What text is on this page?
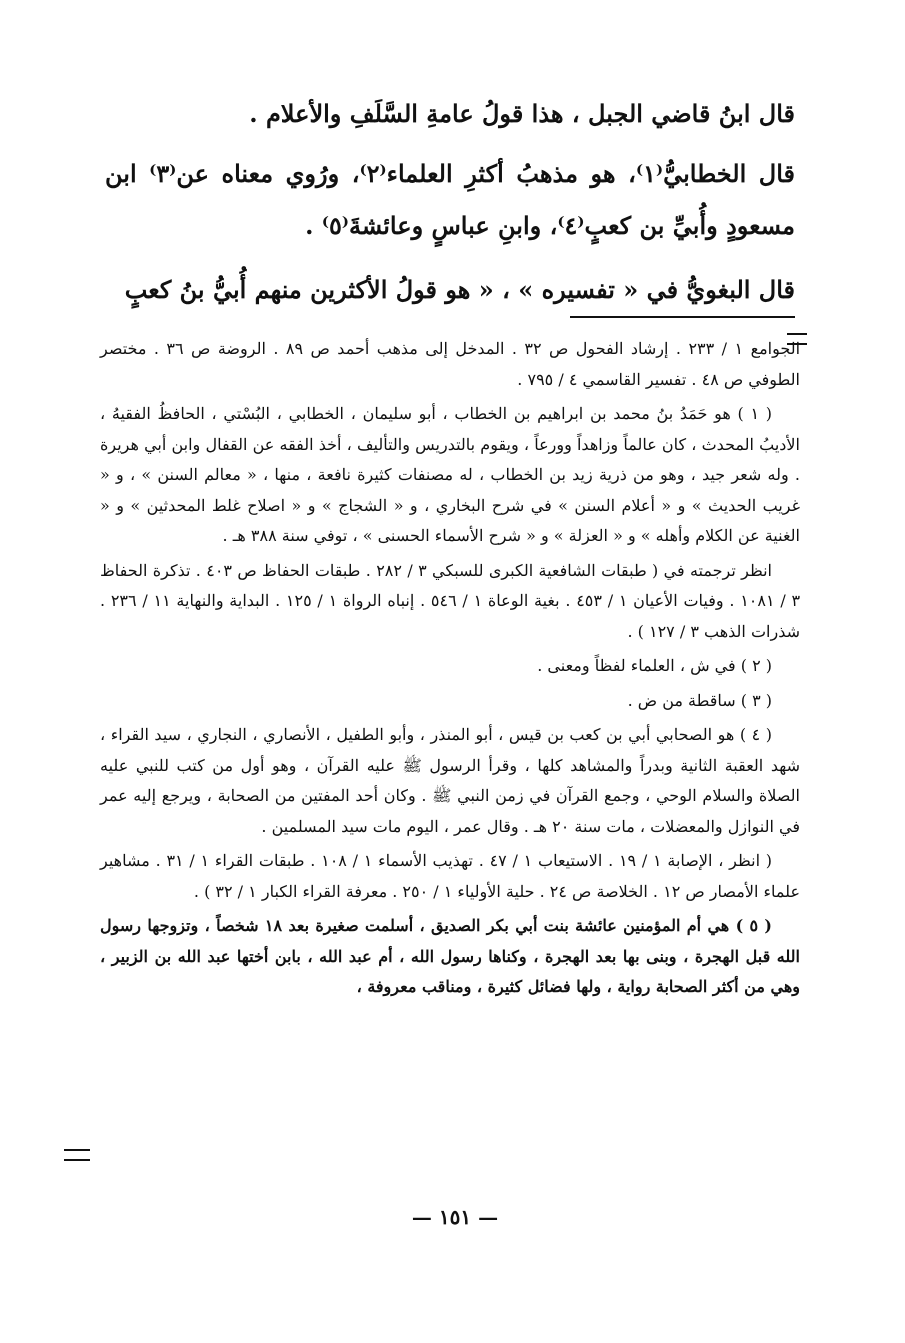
قال ابنُ قاضي الجبل ، هذا قولُ عامةِ السَّلَفِ والأعلام .

قال الخطابيُّ⁽١⁾، هو مذهبُ أكثرِ العلماء⁽٢⁾، ورُوي معناه عن⁽٣⁾ ابن مسعودٍ وأُبيِّ بن كعبٍ⁽٤⁾، وابنِ عباسٍ وعائشةَ⁽٥⁾ .

قال البغويُّ في « تفسيره » ، « هو قولُ الأكثرين منهم أُبيُّ بنُ كعبٍ

الجوامع ١ / ٢٣٣ . إرشاد الفحول ص ٣٢ . المدخل إلى مذهب أحمد ص ٨٩ . الروضة ص ٣٦ . مختصر الطوفي ص ٤٨ . تفسير القاسمي ٤ / ٧٩٥ .

( ١ ) هو حَمَدُ بنُ محمد بن ابراهيم بن الخطاب ، أبو سليمان ، الخطابي ، البُسْتي ، الحافظُ الفقيهُ ، الأديبُ المحدث ، كان عالماً وزاهداً وورعاً ، ويقوم بالتدريس والتأليف ، أخذ الفقه عن القفال وابن أبي هريرة . وله شعر جيد ، وهو من ذرية زيد بن الخطاب ، له مصنفات كثيرة نافعة ، منها ، « معالم السنن » ، و « غريب الحديث » و « أعلام السنن » في شرح البخاري ، و « الشجاج » و « اصلاح غلط المحدثين » و « الغنية عن الكلام وأهله » و « العزلة » و « شرح الأسماء الحسنى » ، توفي سنة ٣٨٨ هـ .

انظر ترجمته في ( طبقات الشافعية الكبرى للسبكي ٣ / ٢٨٢ . طبقات الحفاظ ص ٤٠٣ . تذكرة الحفاظ ٣ / ١٠٨١ . وفيات الأعيان ١ / ٤٥٣ . بغية الوعاة ١ / ٥٤٦ . إنباه الرواة ١ / ١٢٥ . البداية والنهاية ١١ / ٢٣٦ . شذرات الذهب ٣ / ١٢٧ ) .

( ٢ ) في ش ، العلماء لفظاً ومعنى .

( ٣ ) ساقطة من ض .

( ٤ ) هو الصحابي أبي بن كعب بن قيس ، أبو المنذر ، وأبو الطفيل ، الأنصاري ، النجاري ، سيد القراء ، شهد العقبة الثانية وبدراً والمشاهد كلها ، وقرأ الرسول ﷺ عليه القرآن ، وهو أول من كتب للنبي عليه الصلاة والسلام الوحي ، وجمع القرآن في زمن النبي ﷺ . وكان أحد المفتين من الصحابة ، ويرجع إليه عمر في النوازل والمعضلات ، مات سنة ٢٠ هـ . وقال عمر ، اليوم مات سيد المسلمين .

( انظر ، الإصابة ١ / ١٩ . الاستيعاب ١ / ٤٧ . تهذيب الأسماء ١ / ١٠٨ . طبقات القراء ١ / ٣١ . مشاهير علماء الأمصار ص ١٢ . الخلاصة ص ٢٤ . حلية الأولياء ١ / ٢٥٠ . معرفة القراء الكبار ١ / ٣٢ ) .

( ٥ ) هي أم المؤمنين عائشة بنت أبي بكر الصديق ، أسلمت صغيرة بعد ١٨ شخصاً ، وتزوجها رسول الله قبل الهجرة ، وبنى بها بعد الهجرة ، وكناها رسول الله ، أم عبد الله ، بابن أختها عبد الله بن الزبير ، وهي من أكثر الصحابة رواية ، ولها فضائل كثيرة ، ومناقب معروفة ،

— ١٥١ —
